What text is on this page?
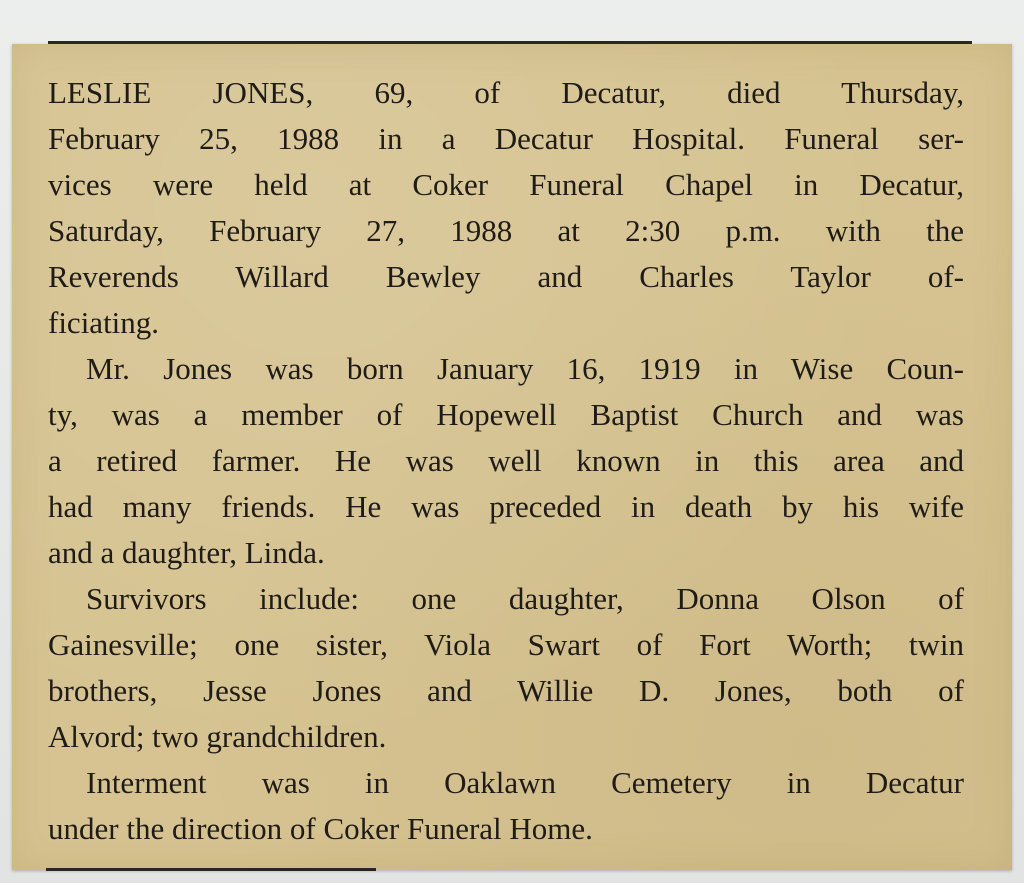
LESLIE JONES, 69, of Decatur, died Thursday,
February 25, 1988 in a Decatur Hospital. Funeral ser-
vices were held at Coker Funeral Chapel in Decatur,
Saturday, February 27, 1988 at 2:30 p.m. with the
Reverends Willard Bewley and Charles Taylor of-
ficiating.
Mr. Jones was born January 16, 1919 in Wise Coun-
ty, was a member of Hopewell Baptist Church and was
a retired farmer. He was well known in this area and
had many friends. He was preceded in death by his wife
and a daughter, Linda.
Survivors include: one daughter, Donna Olson of
Gainesville; one sister, Viola Swart of Fort Worth; twin
brothers, Jesse Jones and Willie D. Jones, both of
Alvord; two grandchildren.
Interment was in Oaklawn Cemetery in Decatur
under the direction of Coker Funeral Home.
